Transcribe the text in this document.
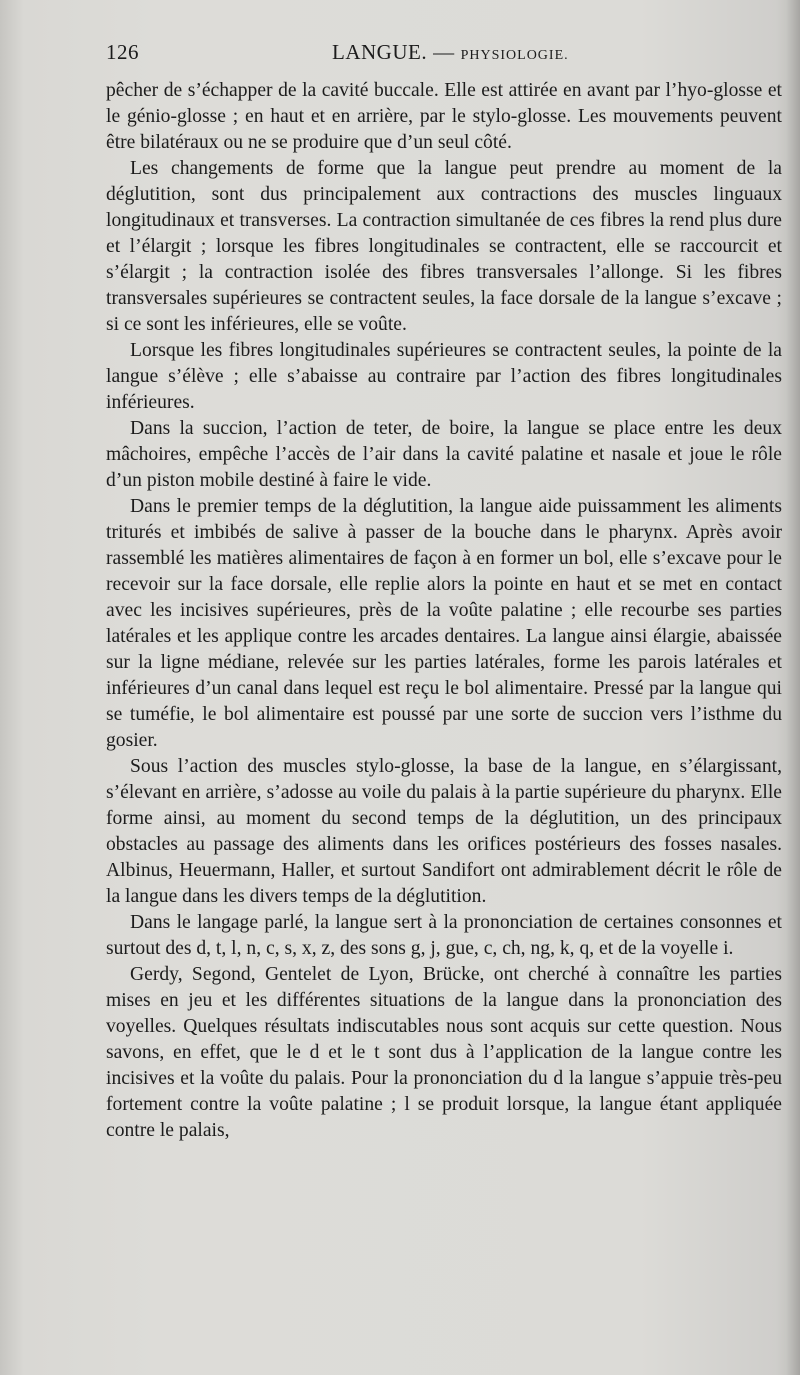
126	LANGUE. — PHYSIOLOGIE.

pêcher de s’échapper de la cavité buccale. Elle est attirée en avant par l’hyo-glosse et le génio-glosse ; en haut et en arrière, par le stylo-glosse. Les mouvements peuvent être bilatéraux ou ne se produire que d’un seul côté.

Les changements de forme que la langue peut prendre au moment de la déglutition, sont dus principalement aux contractions des muscles linguaux longitudinaux et transverses. La contraction simultanée de ces fibres la rend plus dure et l’élargit ; lorsque les fibres longitudinales se contractent, elle se raccourcit et s’élargit ; la contraction isolée des fibres transversales l’allonge. Si les fibres transversales supérieures se contractent seules, la face dorsale de la langue s’excave ; si ce sont les inférieures, elle se voûte.

Lorsque les fibres longitudinales supérieures se contractent seules, la pointe de la langue s’élève ; elle s’abaisse au contraire par l’action des fibres longitudinales inférieures.

Dans la succion, l’action de teter, de boire, la langue se place entre les deux mâchoires, empêche l’accès de l’air dans la cavité palatine et nasale et joue le rôle d’un piston mobile destiné à faire le vide.

Dans le premier temps de la déglutition, la langue aide puissamment les aliments triturés et imbibés de salive à passer de la bouche dans le pharynx. Après avoir rassemblé les matières alimentaires de façon à en former un bol, elle s’excave pour le recevoir sur la face dorsale, elle replie alors la pointe en haut et se met en contact avec les incisives supérieures, près de la voûte palatine ; elle recourbe ses parties latérales et les applique contre les arcades dentaires. La langue ainsi élargie, abaissée sur la ligne médiane, relevée sur les parties latérales, forme les parois latérales et inférieures d’un canal dans lequel est reçu le bol alimentaire. Pressé par la langue qui se tuméfie, le bol alimentaire est poussé par une sorte de succion vers l’isthme du gosier.

Sous l’action des muscles stylo-glosse, la base de la langue, en s’élargissant, s’élevant en arrière, s’adosse au voile du palais à la partie supérieure du pharynx. Elle forme ainsi, au moment du second temps de la déglutition, un des principaux obstacles au passage des aliments dans les orifices postérieurs des fosses nasales. Albinus, Heuermann, Haller, et surtout Sandifort ont admirablement décrit le rôle de la langue dans les divers temps de la déglutition.

Dans le langage parlé, la langue sert à la prononciation de certaines consonnes et surtout des d, t, l, n, c, s, x, z, des sons g, j, gue, c, ch, ng, k, q, et de la voyelle i.

Gerdy, Segond, Gentelet de Lyon, Brücke, ont cherché à connaître les parties mises en jeu et les différentes situations de la langue dans la prononciation des voyelles. Quelques résultats indiscutables nous sont acquis sur cette question. Nous savons, en effet, que le d et le t sont dus à l’application de la langue contre les incisives et la voûte du palais. Pour la prononciation du d la langue s’appuie très-peu fortement contre la voûte palatine ; l se produit lorsque, la langue étant appliquée contre le palais,
